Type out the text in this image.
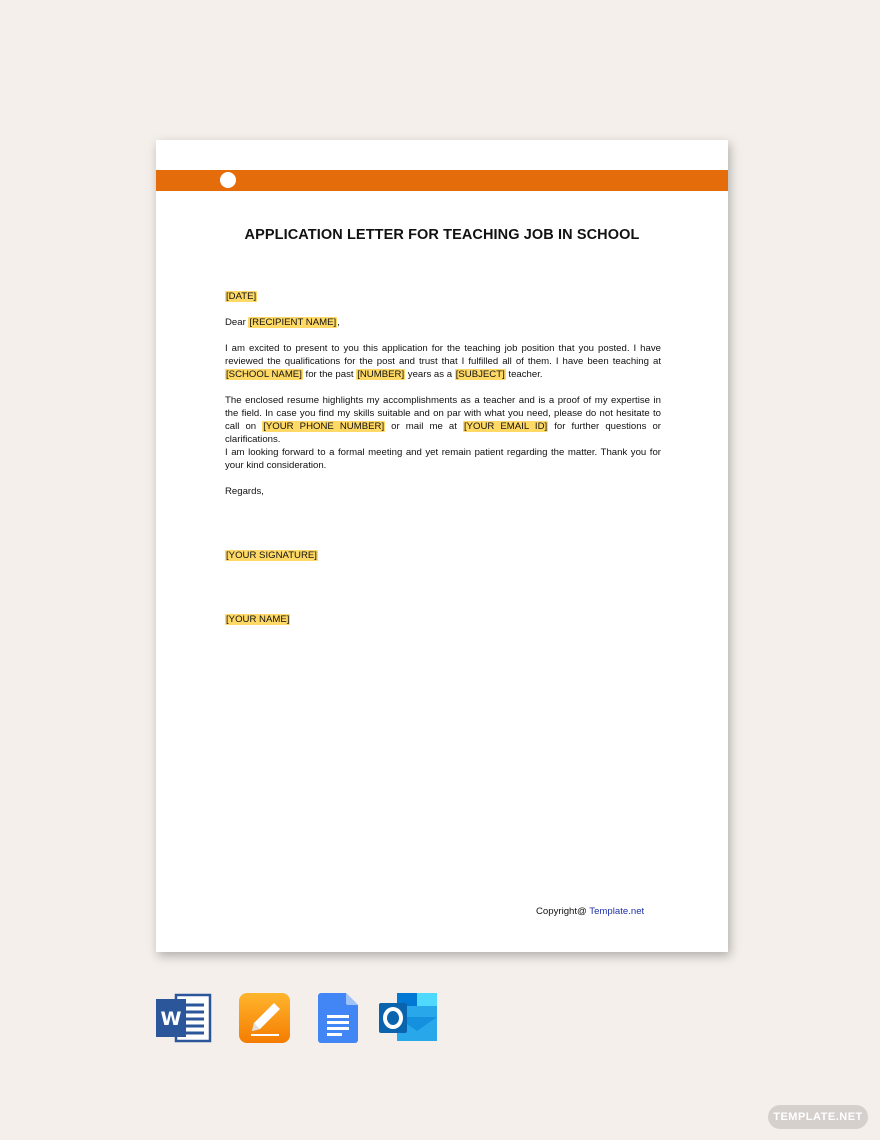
APPLICATION LETTER FOR TEACHING JOB IN SCHOOL

[DATE]

Dear [RECIPIENT NAME],

I am excited to present to you this application for the teaching job position that you posted. I have reviewed the qualifications for the post and trust that I fulfilled all of them. I have been teaching at [SCHOOL NAME] for the past [NUMBER] years as a [SUBJECT] teacher.

The enclosed resume highlights my accomplishments as a teacher and is a proof of my expertise in the field. In case you find my skills suitable and on par with what you need, please do not hesitate to call on [YOUR PHONE NUMBER] or mail me at [YOUR EMAIL ID] for further questions or clarifications.

I am looking forward to a formal meeting and yet remain patient regarding the matter. Thank you for your kind consideration.

Regards,

[YOUR SIGNATURE]

[YOUR NAME]

Copyright@ Template.net
W
TEMPLATE.NET
